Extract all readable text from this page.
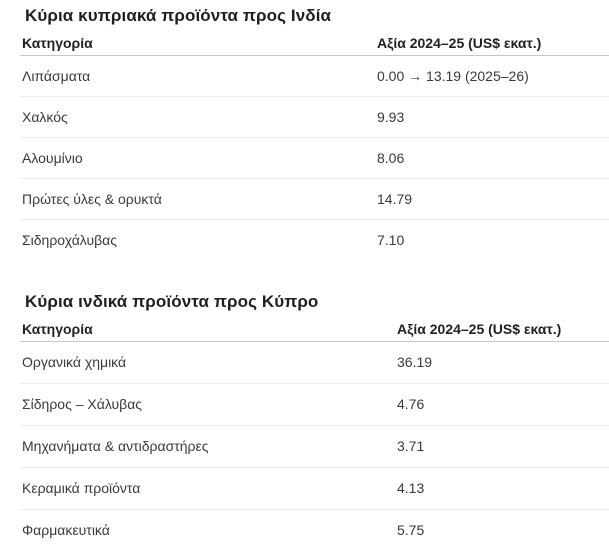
Κύρια κυπριακά προϊόντα προς Ινδία
Κατηγορία	Αξία 2024–25 (US$ εκατ.)
Λιπάσματα	0.00 → 13.19 (2025–26)
Χαλκός	9.93
Αλουμίνιο	8.06
Πρώτες ύλες & ορυκτά	14.79
Σιδηροχάλυβας	7.10
Κύρια ινδικά προϊόντα προς Κύπρο
Κατηγορία	Αξία 2024–25 (US$ εκατ.)
Οργανικά χημικά	36.19
Σίδηρος – Χάλυβας	4.76
Μηχανήματα & αντιδραστήρες	3.71
Κεραμικά προϊόντα	4.13
Φαρμακευτικά	5.75
